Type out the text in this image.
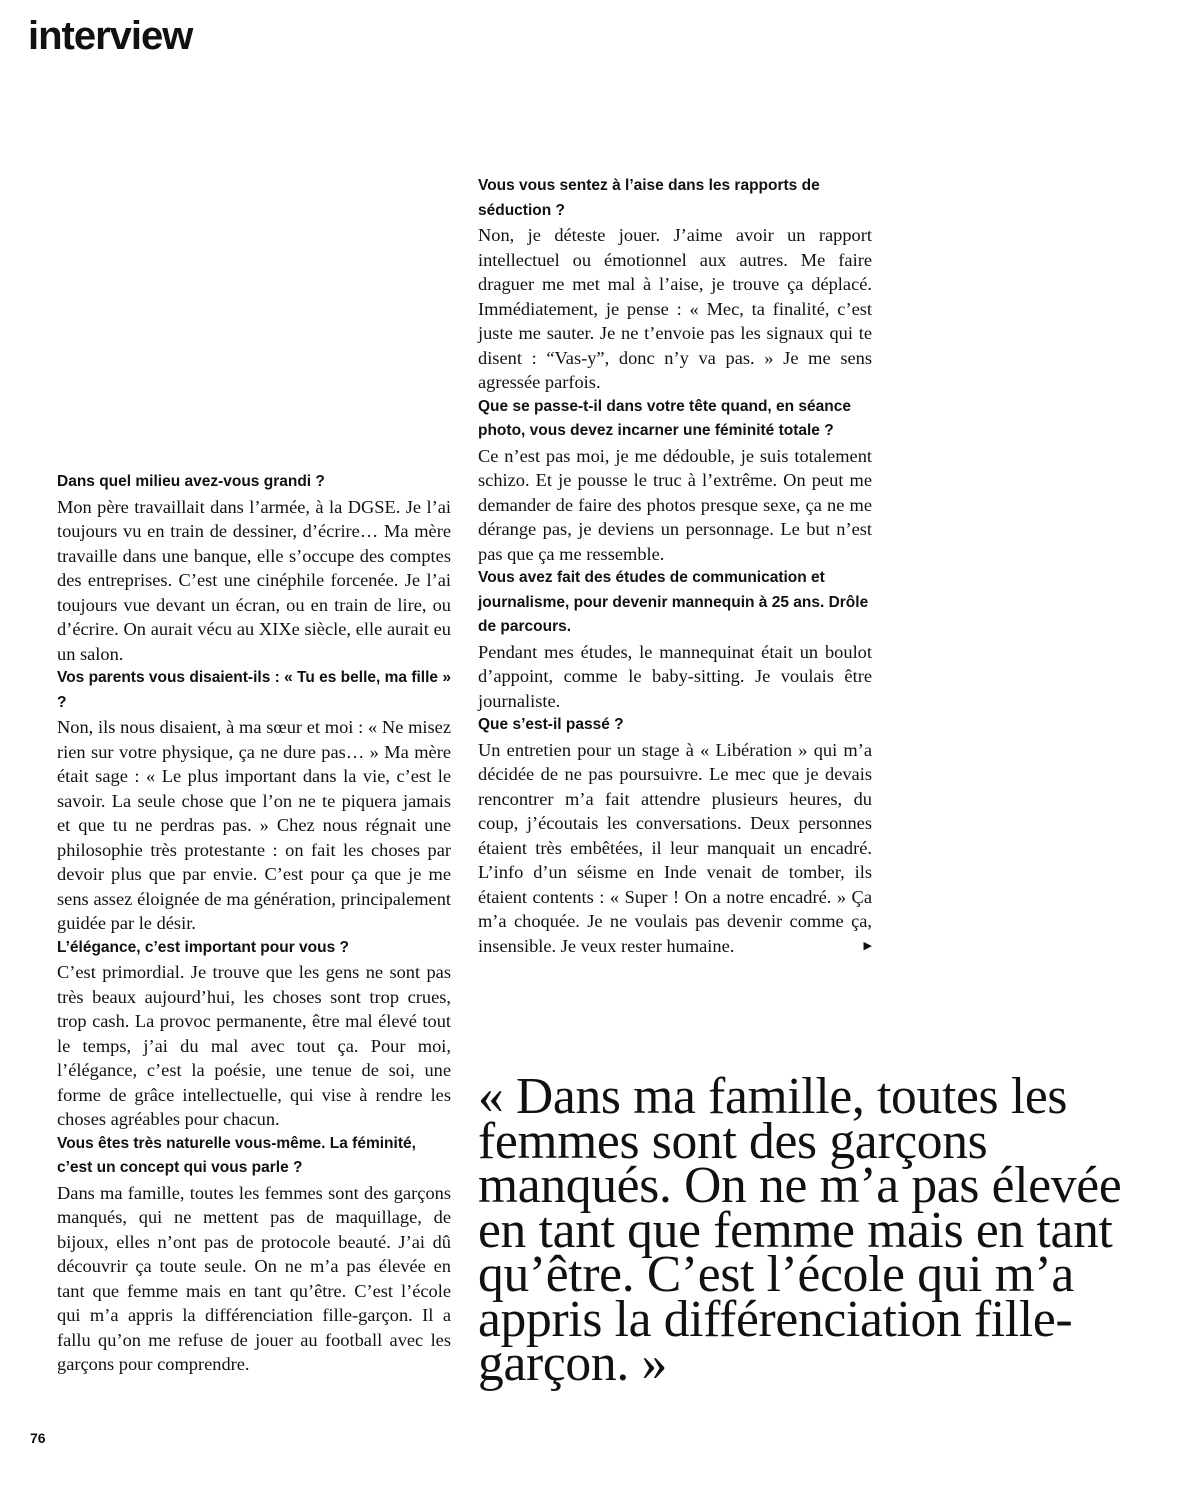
interview

Dans quel milieu avez-vous grandi ?

Mon père travaillait dans l’armée, à la DGSE. Je l’ai toujours vu en train de dessiner, d’écrire… Ma mère travaille dans une banque, elle s’occupe des comptes des entreprises. C’est une cinéphile forcenée. Je l’ai toujours vue devant un écran, ou en train de lire, ou d’écrire. On aurait vécu au XIXe siècle, elle aurait eu un salon.

Vos parents vous disaient-ils : « Tu es belle, ma fille » ?

Non, ils nous disaient, à ma sœur et moi : « Ne misez rien sur votre physique, ça ne dure pas… » Ma mère était sage : « Le plus important dans la vie, c’est le savoir. La seule chose que l’on ne te piquera jamais et que tu ne perdras pas. » Chez nous régnait une philosophie très protestante : on fait les choses par devoir plus que par envie. C’est pour ça que je me sens assez éloignée de ma génération, principalement guidée par le désir.

L’élégance, c’est important pour vous ?

C’est primordial. Je trouve que les gens ne sont pas très beaux aujourd’hui, les choses sont trop crues, trop cash. La provoc permanente, être mal élevé tout le temps, j’ai du mal avec tout ça. Pour moi, l’élégance, c’est la poésie, une tenue de soi, une forme de grâce intellectuelle, qui vise à rendre les choses agréables pour chacun.

Vous êtes très naturelle vous-même. La féminité, c’est un concept qui vous parle ?

Dans ma famille, toutes les femmes sont des garçons manqués, qui ne mettent pas de maquillage, de bijoux, elles n’ont pas de protocole beauté. J’ai dû découvrir ça toute seule. On ne m’a pas élevée en tant que femme mais en tant qu’être. C’est l’école qui m’a appris la différenciation fille-garçon. Il a fallu qu’on me refuse de jouer au football avec les garçons pour comprendre.

Vous vous sentez à l’aise dans les rapports de séduction ?

Non, je déteste jouer. J’aime avoir un rapport intellectuel ou émotionnel aux autres. Me faire draguer me met mal à l’aise, je trouve ça déplacé. Immédiatement, je pense : « Mec, ta finalité, c’est juste me sauter. Je ne t’envoie pas les signaux qui te disent : “Vas-y”, donc n’y va pas. » Je me sens agressée parfois.

Que se passe-t-il dans votre tête quand, en séance photo, vous devez incarner une féminité totale ?

Ce n’est pas moi, je me dédouble, je suis totalement schizo. Et je pousse le truc à l’extrême. On peut me demander de faire des photos presque sexe, ça ne me dérange pas, je deviens un personnage. Le but n’est pas que ça me ressemble.

Vous avez fait des études de communication et journalisme, pour devenir mannequin à 25 ans. Drôle de parcours.

Pendant mes études, le mannequinat était un boulot d’appoint, comme le baby-sitting. Je voulais être journaliste.

Que s’est-il passé ?

Un entretien pour un stage à « Libération » qui m’a décidée de ne pas poursuivre. Le mec que je devais rencontrer m’a fait attendre plusieurs heures, du coup, j’écoutais les conversations. Deux personnes étaient très embêtées, il leur manquait un encadré. L’info d’un séisme en Inde venait de tomber, ils étaient contents : « Super ! On a notre encadré. » Ça m’a choquée. Je ne voulais pas devenir comme ça, insensible. Je veux rester humaine.	▶

« Dans ma famille, toutes les femmes sont des garçons manqués. On ne m’a pas élevée en tant que femme mais en tant qu’être. C’est l’école qui m’a appris la différenciation fille-garçon. »

76
